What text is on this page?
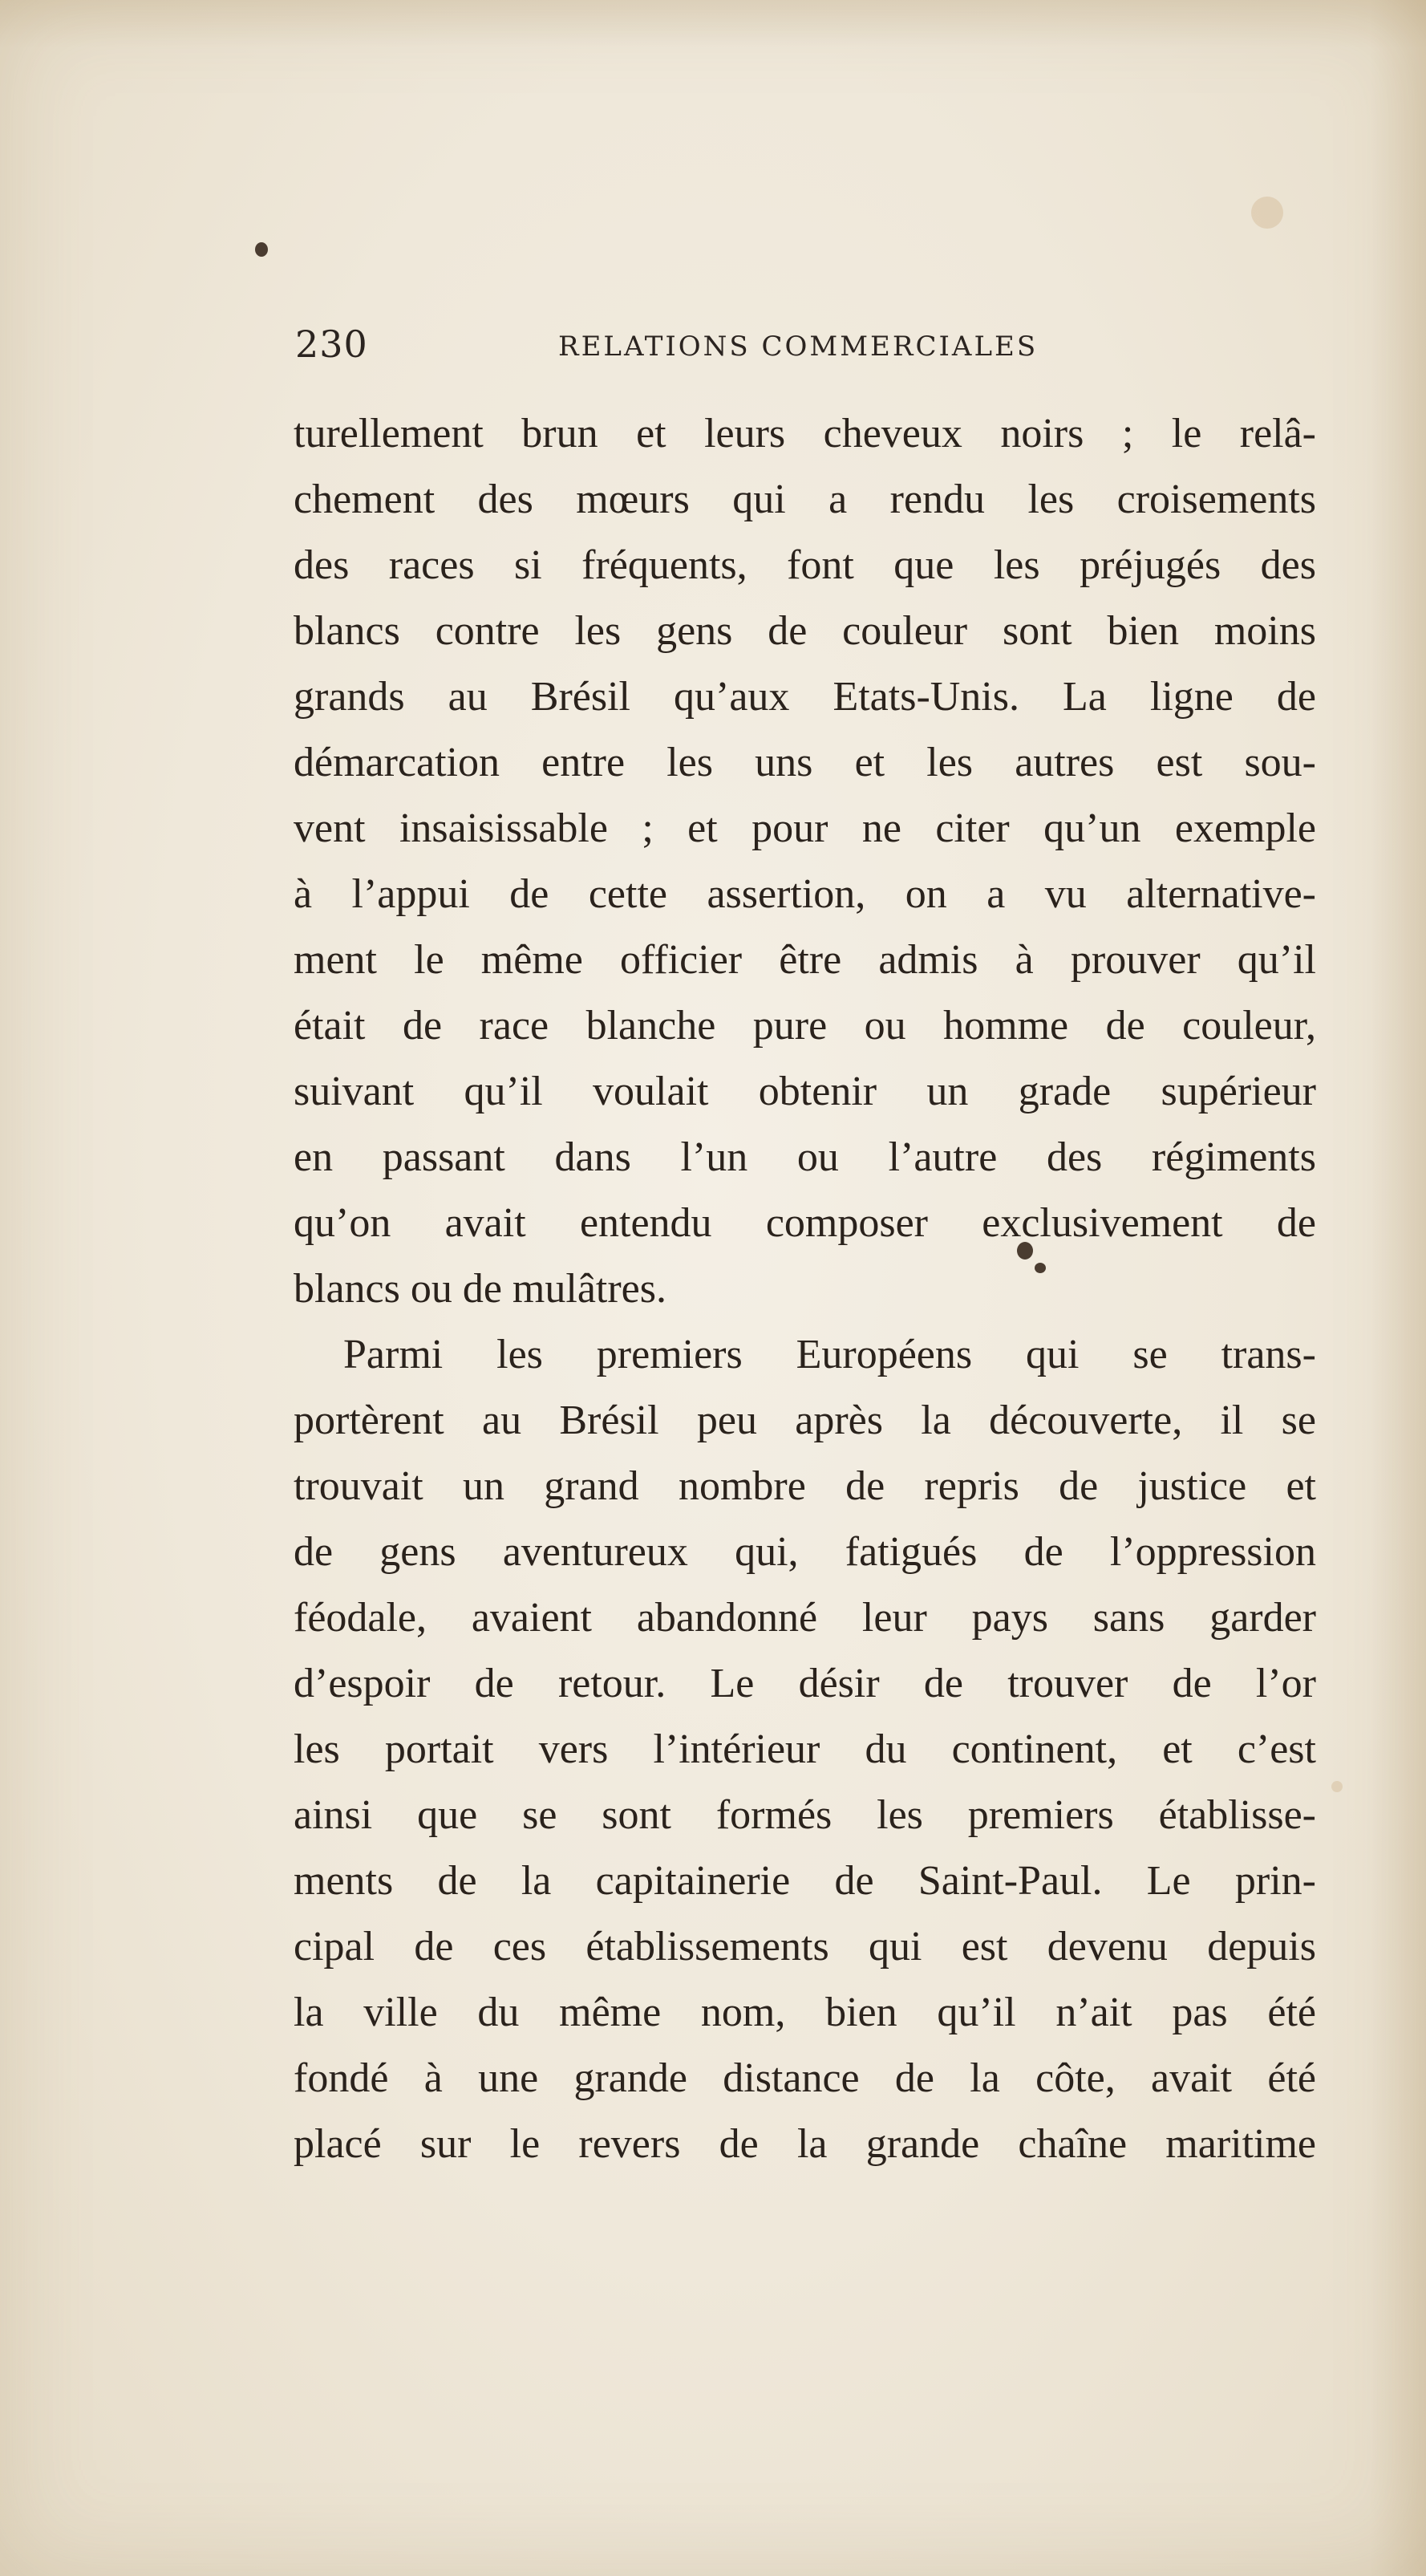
230	RELATIONS COMMERCIALES
turellement brun et leurs cheveux noirs ; le relâ-
chement des mœurs qui a rendu les croisements
des races si fréquents, font que les préjugés des
blancs contre les gens de couleur sont bien moins
grands au Brésil qu’aux Etats-Unis. La ligne de
démarcation entre les uns et les autres est sou-
vent insaisissable ; et pour ne citer qu’un exemple
à l’appui de cette assertion, on a vu alternative-
ment le même officier être admis à prouver qu’il
était de race blanche pure ou homme de couleur,
suivant qu’il voulait obtenir un grade supérieur
en passant dans l’un ou l’autre des régiments
qu’on avait entendu composer exclusivement de
blancs ou de mulâtres.
Parmi les premiers Européens qui se trans-
portèrent au Brésil peu après la découverte, il se
trouvait un grand nombre de repris de justice et
de gens aventureux qui, fatigués de l’oppression
féodale, avaient abandonné leur pays sans garder
d’espoir de retour. Le désir de trouver de l’or
les portait vers l’intérieur du continent, et c’est
ainsi que se sont formés les premiers établisse-
ments de la capitainerie de Saint-Paul. Le prin-
cipal de ces établissements qui est devenu depuis
la ville du même nom, bien qu’il n’ait pas été
fondé à une grande distance de la côte, avait été
placé sur le revers de la grande chaîne maritime
